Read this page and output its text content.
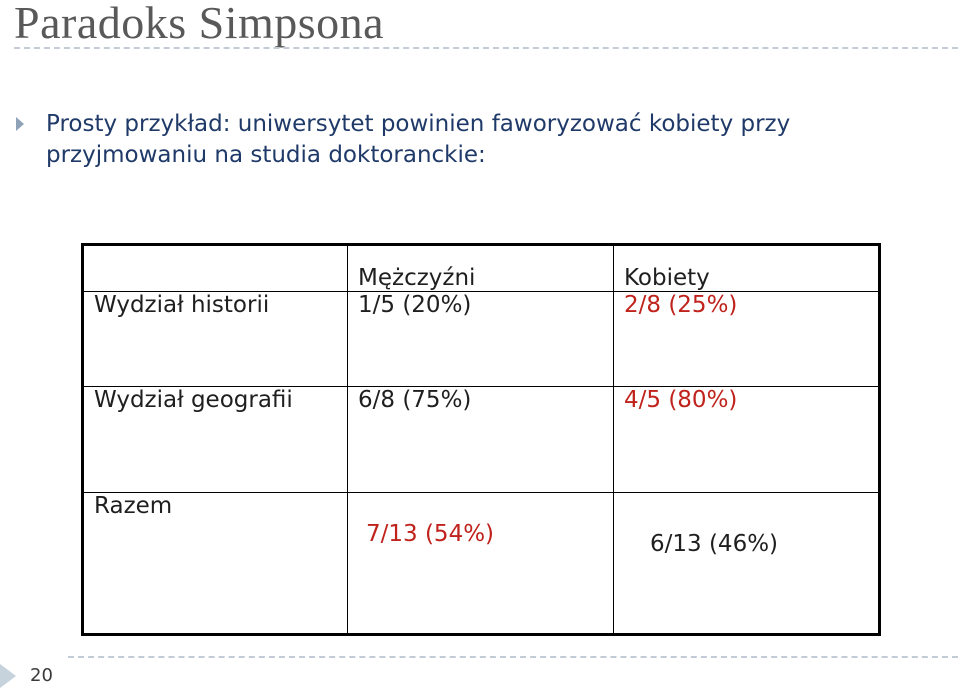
Paradoks Simpsona
Prosty przykład: uniwersytet powinien faworyzować kobiety przy przyjmowaniu na studia doktoranckie:
	Mężczyźni	Kobiety
Wydział historii	1/5 (20%)	2/8 (25%)
Wydział geografii	6/8 (75%)	4/5 (80%)
Razem	7/13 (54%)	6/13 (46%)
20
